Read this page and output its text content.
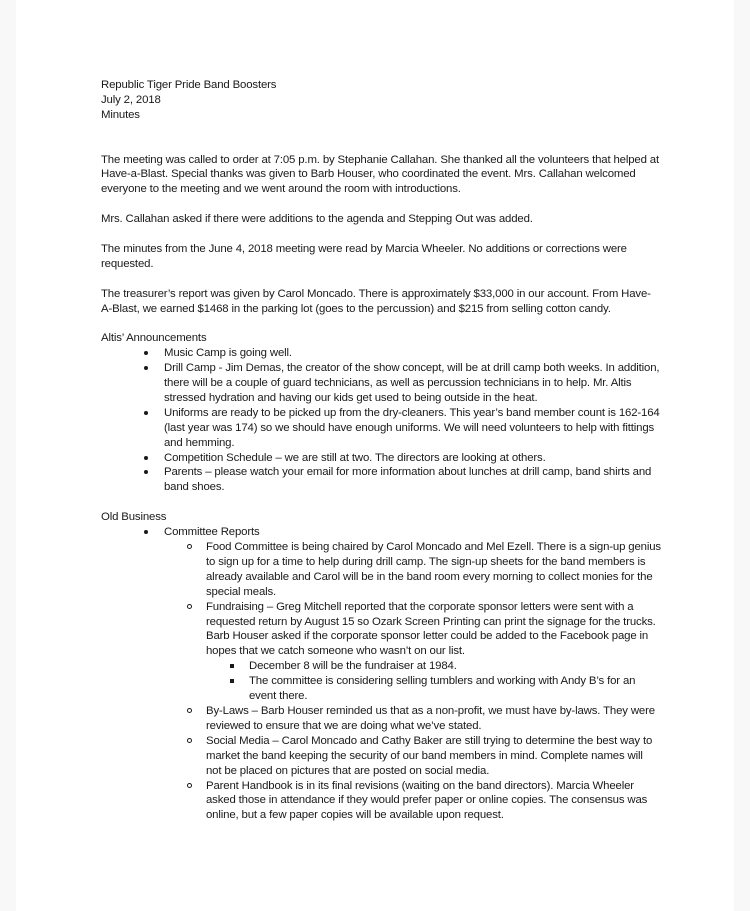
Republic Tiger Pride Band Boosters

July 2, 2018

Minutes

The meeting was called to order at 7:05 p.m. by Stephanie Callahan. She thanked all the volunteers that helped at Have-a-Blast. Special thanks was given to Barb Houser, who coordinated the event. Mrs. Callahan welcomed everyone to the meeting and we went around the room with introductions.

Mrs. Callahan asked if there were additions to the agenda and Stepping Out was added.

The minutes from the June 4, 2018 meeting were read by Marcia Wheeler. No additions or corrections were requested.

The treasurer’s report was given by Carol Moncado. There is approximately $33,000 in our account. From Have-A-Blast, we earned $1468 in the parking lot (goes to the percussion) and $215 from selling cotton candy.

Altis’ Announcements

Music Camp is going well.
Drill Camp - Jim Demas, the creator of the show concept, will be at drill camp both weeks. In addition, there will be a couple of guard technicians, as well as percussion technicians in to help. Mr. Altis stressed hydration and having our kids get used to being outside in the heat.
Uniforms are ready to be picked up from the dry-cleaners. This year’s band member count is 162-164 (last year was 174) so we should have enough uniforms. We will need volunteers to help with fittings and hemming.
Competition Schedule – we are still at two. The directors are looking at others.
Parents – please watch your email for more information about lunches at drill camp, band shirts and band shoes.

Old Business

Committee Reports
Food Committee is being chaired by Carol Moncado and Mel Ezell. There is a sign-up genius to sign up for a time to help during drill camp. The sign-up sheets for the band members is already available and Carol will be in the band room every morning to collect monies for the special meals.
Fundraising – Greg Mitchell reported that the corporate sponsor letters were sent with a requested return by August 15 so Ozark Screen Printing can print the signage for the trucks. Barb Houser asked if the corporate sponsor letter could be added to the Facebook page in hopes that we catch someone who wasn’t on our list.
December 8 will be the fundraiser at 1984.
The committee is considering selling tumblers and working with Andy B’s for an event there.
By-Laws – Barb Houser reminded us that as a non-profit, we must have by-laws. They were reviewed to ensure that we are doing what we’ve stated.
Social Media – Carol Moncado and Cathy Baker are still trying to determine the best way to market the band keeping the security of our band members in mind. Complete names will not be placed on pictures that are posted on social media.
Parent Handbook is in its final revisions (waiting on the band directors). Marcia Wheeler asked those in attendance if they would prefer paper or online copies. The consensus was online, but a few paper copies will be available upon request.
